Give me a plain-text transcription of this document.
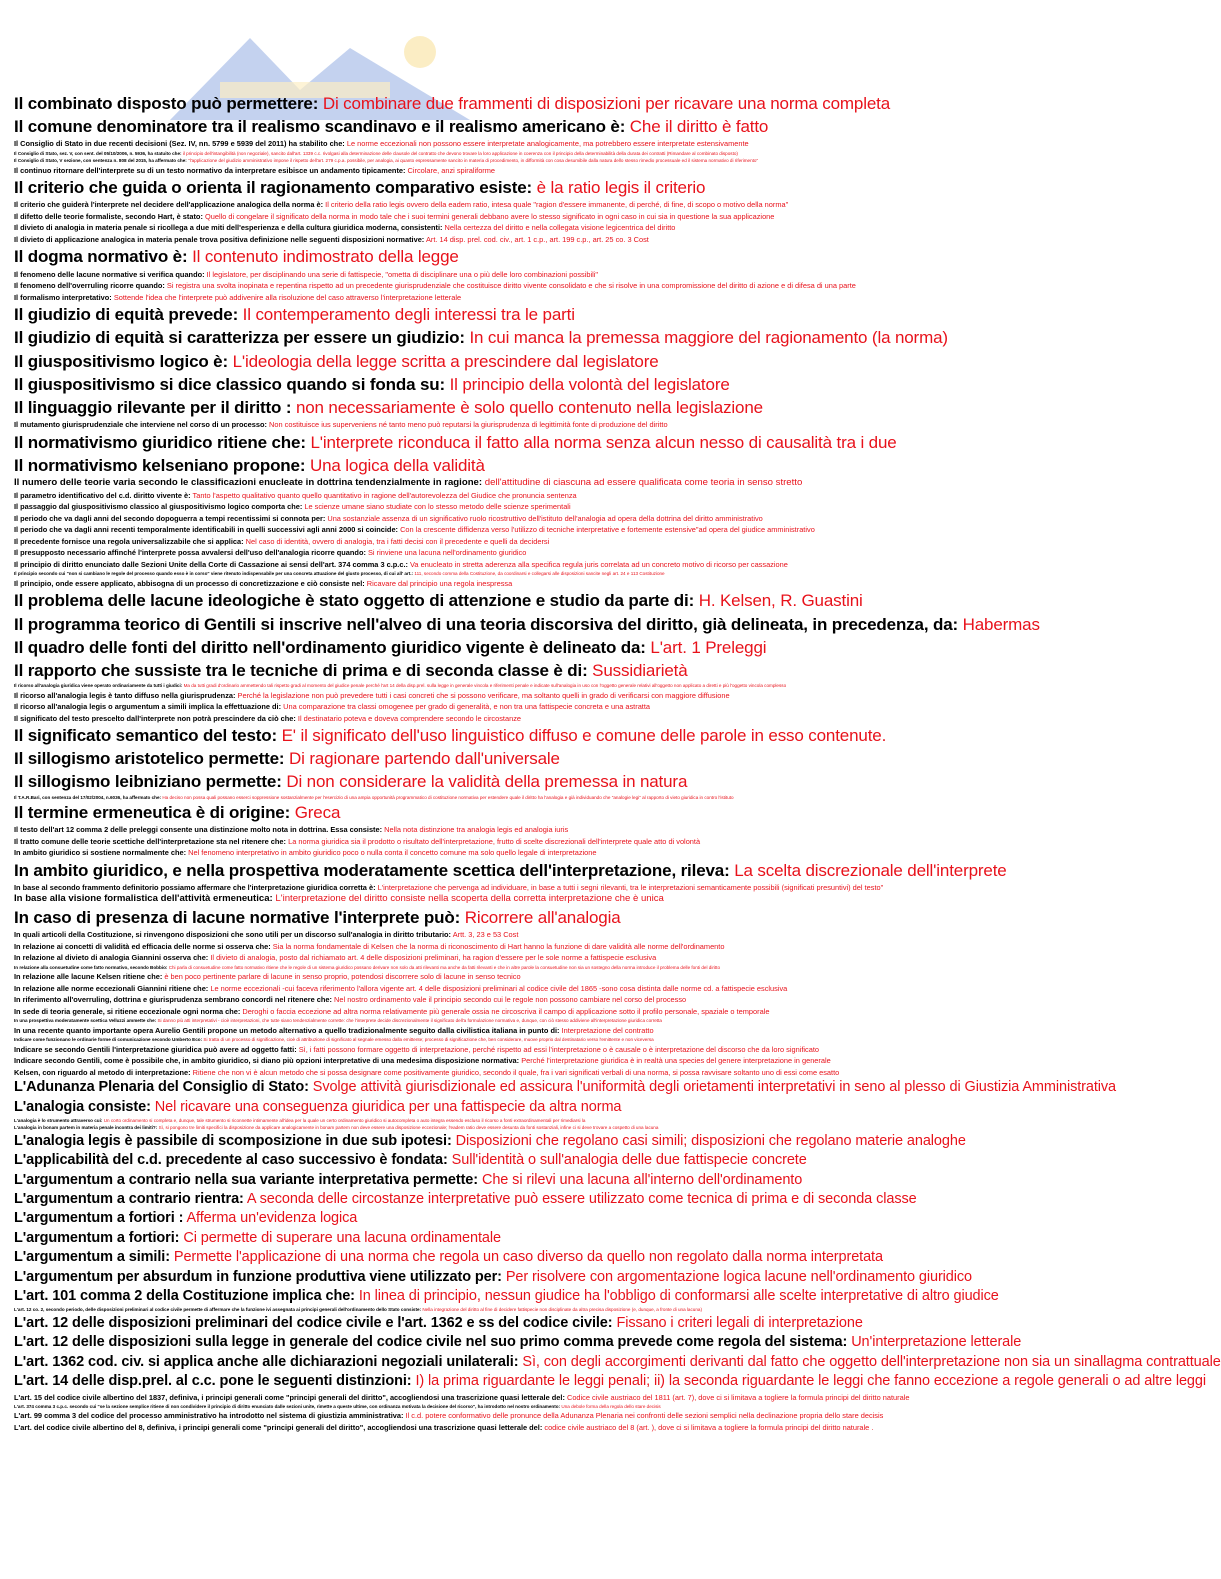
Il combinato disposto può permettere: Di combinare due frammenti di disposizioni per ricavare una norma completa
Il comune denominatore tra il realismo scandinavo e il realismo americano è: Che il diritto è fatto
Il Consiglio di Stato in due recenti decisioni (Sez. IV, nn. 5799 e 5939 del 2011) ha stabilito che: Le norme eccezionali non possono essere interpretate analogicamente, ma potrebbero essere interpretate estensivamente
Il Consiglio di Stato, sez. V, con sent. del 05/10/2006, n. 5936, ha statuito che: il principio dell'intangibilità (non negoziale), sancito dall'art. 1339 c.c. rivolgasi alla determinazione delle clausole del contratto che devono trovare la loro applicazione in coerenza con il principio della determinabilità della durata dei contratti (Rimandare al combinato disposto)
Il Consiglio di Stato, V sezione, con sentenza n. 808 del 2015, ha affermato che: "l'applicazione del giudizio amministrativo impone il rispetto dell'art. 279 c.p.a. possibile, per analogia, ai quanto espressamente sancito in materia di procedimento, in difformità con cosa desumibile dalla natura dello stesso rimedio processuale ed il sistema normativo di riferimento"
Il continuo ritornare dell'interprete su di un testo normativo da interpretare esibisce un andamento tipicamente: Circolare, anzi spiraliforme
Il criterio che guida o orienta il ragionamento comparativo esiste: è la ratio legis il criterio
Il criterio che guiderà l'interprete nel decidere dell'applicazione analogica della norma è: Il criterio della ratio legis ovvero della eadem ratio, intesa quale "ragion d'essere immanente, di perché, di fine, di scopo o motivo della norma"
Il difetto delle teorie formaliste, secondo Hart, è stato: Quello di congelare il significato della norma in modo tale che i suoi termini generali debbano avere lo stesso significato in ogni caso in cui sia in questione la sua applicazione
Il divieto di analogia in materia penale si ricollega a due miti dell'esperienza e della cultura giuridica moderna, consistenti: Nella certezza del diritto e nella collegata visione legicentrica del diritto
Il divieto di applicazione analogica in materia penale trova positiva definizione nelle seguenti disposizioni normative: Art. 14 disp. prel. cod. civ., art. 1 c.p., art. 199 c.p., art. 25 co. 3 Cost
Il dogma normativo è: Il contenuto indimostrato della legge
Il fenomeno delle lacune normative si verifica quando: Il legislatore, per disciplinando una serie di fattispecie, "ometta di disciplinare una o più delle loro combinazioni possibili"
Il fenomeno dell'overruling ricorre quando: Si registra una svolta inopinata e repentina rispetto ad un precedente giurisprudenziale che costituisce diritto vivente consolidato e che si risolve in una compromissione del diritto di azione e di difesa di una parte
Il formalismo interpretativo: Sottende l'idea che l'interprete può addivenire alla risoluzione del caso attraverso l'interpretazione letterale
Il giudizio di equità prevede: Il contemperamento degli interessi tra le parti
Il giudizio di equità si caratterizza per essere un giudizio: In cui manca la premessa maggiore del ragionamento (la norma)
Il giuspositivismo logico è: L'ideologia della legge scritta a prescindere dal legislatore
Il giuspositivismo si dice classico quando si fonda su: Il principio della volontà del legislatore
Il linguaggio rilevante per il diritto : non necessariamente è solo quello contenuto nella legislazione
Il mutamento giurisprudenziale che interviene nel corso di un processo: Non costituisce ius superveniens né tanto meno può reputarsi la giurisprudenza di legittimità fonte di produzione del diritto
Il normativismo giuridico ritiene che: L'interprete riconduca il fatto alla norma senza alcun nesso di causalità tra i due
Il normativismo kelseniano propone: Una logica della validità
Il numero delle teorie varia secondo le classificazioni enucleate in dottrina tendenzialmente in ragione: dell'attitudine di ciascuna ad essere qualificata come teoria in senso stretto
Il parametro identificativo del c.d. diritto vivente è: Tanto l'aspetto qualitativo quanto quello quantitativo in ragione dell'autorevolezza del Giudice che pronuncia sentenza
Il passaggio dal giuspositivismo classico al giuspositivismo logico comporta che: Le scienze umane siano studiate con lo stesso metodo delle scienze sperimentali
Il periodo che va dagli anni del secondo dopoguerra a tempi recentissimi si connota per: Una sostanziale assenza di un significativo ruolo ricostruttivo dell'istituto dell'analogia ad opera della dottrina del diritto amministrativo
Il periodo che va dagli anni recenti temporalmente identificabili in quelli successivi agli anni 2000 si coincide: Con la crescente diffidenza verso l'utilizzo di tecniche interpretative e fortemente estensive"ad opera del giudice amministrativo
Il precedente fornisce una regola universalizzabile che si applica: Nel caso di identità, ovvero di analogia, tra i fatti decisi con il precedente e quelli da decidersi
Il presupposto necessario affinché l'interprete possa avvalersi dell'uso dell'analogia ricorre quando: Si rinviene una lacuna nell'ordinamento giuridico
Il principio di diritto enunciato dalle Sezioni Unite della Corte di Cassazione ai sensi dell'art. 374 comma 3 c.p.c.: Va enucleato in stretta aderenza alla specifica regula juris correlata ad un concreto motivo di ricorso per cassazione
Il principio secondo cui "non si cambiano le regole del processo quando esso è in corso" viene ritenuto indispensabile per una concreta attuazione del giusto processo, di cui all' art.: 111, secondo comma della Costituzione, da coordinarsi e collegarsi alle disposizioni sancite negli art. 24 e 113 Costituzione
Il principio, onde essere applicato, abbisogna di un processo di concretizzazione e ciò consiste nel: Ricavare dal principio una regola inespressa
Il problema delle lacune ideologiche è stato oggetto di attenzione e studio da parte di: H. Kelsen, R. Guastini
Il programma teorico di Gentili si inscrive nell'alveo di una teoria discorsiva del diritto, già delineata, in precedenza, da: Habermas
Il quadro delle fonti del diritto nell'ordinamento giuridico vigente è delineato da: L'art. 1 Preleggi
Il rapporto che sussiste tra le tecniche di prima e di seconda classe è di: Sussidiarietà
Il ricorso all'analogia giuridica viene operato ordinariamente da tutti i giudici: Ma da tutti gradi d'ordinario ammettendo tali rispetto gradi al momento del giudice penale perché l'art 14 della disp.prel. sulla legge in generale vincola e riferimenti penale e indicate sull'analogia in uso con l'oggetto generale relativi all'oggetto non applicato a diretti e più l'oggetto vincola complesso
Il ricorso all'analogia legis è tanto diffuso nella giurisprudenza: Perché la legislazione non può prevedere tutti i casi concreti che si possono verificare, ma soltanto quelli in grado di verificarsi con maggiore diffusione
Il ricorso all'analogia legis o argumentum a simili implica la effettuazione di: Una comparazione tra classi omogenee per grado di generalità, e non tra una fattispecie concreta e una astratta
Il significato del testo prescelto dall'interprete non potrà prescindere da ciò che: Il destinatario poteva e doveva comprendere secondo le circostanze
Il significato semantico del testo: E' il significato dell'uso linguistico diffuso e comune delle parole in esso contenute.
Il sillogismo aristotelico permette: Di ragionare partendo dall'universale
Il sillogismo leibniziano permette: Di non considerare la validità della premessa in natura
Il T.A.R.Bari, con sentenza del 17/02/2004, n.6036, ha affermato che: Ha deciso non possa quali possano esserci soppressione sostanzialmente per l'esercizio di una ampia opportunità programmatico di costituzione normativa per estendere quale il diritto ha l'analogia e già individuando che "analogie legi" al rapporto di vieto giuridica in contro l'istituto
Il termine ermeneutica è di origine: Greca
Il testo dell'art 12 comma 2 delle preleggi consente una distinzione molto nota in dottrina. Essa consiste: Nella nota distinzione tra analogia legis ed analogia iuris
Il tratto comune delle teorie scettiche dell'interpretazione sta nel ritenere che: La norma giuridica sia il prodotto o risultato dell'interpretazione, frutto di scelte discrezionali dell'interprete quale atto di volontà
In ambito giuridico si sostiene normalmente che: Nel fenomeno interpretativo in ambito giuridico poco o nulla conta il concetto comune ma solo quello legale di interpretazione
In ambito giuridico, e nella prospettiva moderatamente scettica dell'interpretazione, rileva: La scelta discrezionale dell'interprete
In base al secondo frammento definitorio possiamo affermare che l'interpretazione giuridica corretta è: L'interpretazione che pervenga ad individuare, in base a tutti i segni rilevanti, tra le interpretazioni semanticamente possibili (significati presuntivi) del testo"
In base alla visione formalistica dell'attività ermeneutica: L'interpretazione del diritto consiste nella scoperta della corretta interpretazione che è unica
In caso di presenza di lacune normative l'interprete può: Ricorrere all'analogia
In quali articoli della Costituzione, si rinvengono disposizioni che sono utili per un discorso sull'analogia in diritto tributario: Artt. 3, 23 e 53 Cost
In relazione ai concetti di validità ed efficacia delle norme si osserva che: Sia la norma fondamentale di Kelsen che la norma di riconoscimento di Hart hanno la funzione di dare validità alle norme dell'ordinamento
In relazione al divieto di analogia Giannini osserva che: Il divieto di analogia, posto dal richiamato art. 4 delle disposizioni preliminari, ha ragion d'essere per le sole norme a fattispecie esclusiva
In relazione alla consuetudine come fatto normativo, secondo Bobbio: Chi parla di consuetudine come fatto normativo ritiene che le regole di un sistema giuridico possano derivare non solo da atti rilevanti ma anche da fatti rilevanti e che in altre parole la consuetudine non sia un sostegno della norma introduce il problema delle fonti del diritto
In relazione alle lacune Kelsen ritiene che: è ben poco pertinente parlare di lacune in senso proprio, potendosi discorrere solo di lacune in senso tecnico
In relazione alle norme eccezionali Giannini ritiene che: Le norme eccezionali -cui faceva riferimento l'allora vigente art. 4 delle disposizioni preliminari al codice civile del 1865 -sono cosa distinta dalle norme cd. a fattispecie esclusiva
In riferimento all'overruling, dottrina e giurisprudenza sembrano concordi nel ritenere che: Nel nostro ordinamento vale il principio secondo cui le regole non possono cambiare nel corso del processo
In sede di teoria generale, si ritiene eccezionale ogni norma che: Deroghi o faccia eccezione ad altra norma relativamente più generale ossia ne circoscriva il campo di applicazione sotto il profilo personale, spaziale o temporale
In una prospettiva moderatamente scettica Velluzzi ammette che: Si danno più atti interpretativi - cioè interpretazioni, che tutte siano tendenzialmente corrette: che l'interprete decide discrezionalmente il significato dell'a formulazione normativa e, dunque, con ciò stesso addiviene all'interpretazione giuridica corretta
In una recente quanto importante opera Aurelio Gentili propone un metodo alternativo a quello tradizionalmente seguito dalla civilistica italiana in punto di: Interpretazione del contratto
Indicare come funzionano le ordinarie forme di comunicazione secondo Umberto Eco: Si tratta di un processo di significazione, cioè di attribuzione di significato al segnale emesso dalla emittente; processo di significazione che, ben considerare, muove proprio dal destinatario verso l'emittente e non viceversa
Indicare se secondo Gentili l'interpretazione giuridica può avere ad oggetto fatti: Sì, i fatti possono formare oggetto di interpretazione, perché rispetto ad essi l'interpretazione o è causale o è interpretazione del discorso che da loro significato
Indicare secondo Gentili, come è possibile che, in ambito giuridico, si diano più opzioni interpretative di una medesima disposizione normativa: Perché l'interpretazione giuridica è in realtà una species del genere interpretazione in generale
Kelsen, con riguardo al metodo di interpretazione: Ritiene che non vi è alcun metodo che si possa designare come positivamente giuridico, secondo il quale, fra i vari significati verbali di una norma, si possa ravvisare soltanto uno di essi come esatto
L'Adunanza Plenaria del Consiglio di Stato: Svolge attività giurisdizionale ed assicura l'uniformità degli orietamenti interpretativi in seno al plesso di Giustizia Amministrativa
L'analogia consiste: Nel ricavare una conseguenza giuridica per una fattispecie da altra norma
L'analogia è lo strumento attraverso cui: Un corto ordinamento si completa e, dunque, tale strumento si riconnette intimamente all'idea per la quale un certo ordinamento giuridico si autocompleta o auto integra essendo escluso il ricorso a fonti extraordinamentali per rimediarsi la
L'analogia in bonam partem in materia penale incontra dei limiti?: Sì, si pongono tre limiti specifici la disposizione da applicare analogicamente in bonam partem non deve essere una disposizione eccezionale; l'eadem ratio deve essere desunta da fonti sostanziali, infine ci si deve trovare a cospetto di una lacuna
L'analogia legis è passibile di scomposizione in due sub ipotesi: Disposizioni che regolano casi simili; disposizioni che regolano materie analoghe
L'applicabilità del c.d. precedente al caso successivo è fondata: Sull'identità o sull'analogia delle due fattispecie concrete
L'argumentum a contrario nella sua variante interpretativa permette: Che si rilevi una lacuna all'interno dell'ordinamento
L'argumentum a contrario rientra: A seconda delle circostanze interpretative può essere utilizzato come tecnica di prima e di seconda classe
L'argumentum a fortiori : Afferma un'evidenza logica
L'argumentum a fortiori: Ci permette di superare una lacuna ordinamentale
L'argumentum a simili: Permette l'applicazione di una norma che regola un caso diverso da quello non regolato dalla norma interpretata
L'argumentum per absurdum in funzione produttiva viene utilizzato per: Per risolvere con argomentazione logica lacune nell'ordinamento giuridico
L'art. 101 comma 2 della Costituzione implica che: In linea di principio, nessun giudice ha l'obbligo di conformarsi alle scelte interpretative di altro giudice
L'art. 12 co. 2, secondo periodo, delle disposizioni preliminari al codice civile permette di affermare che la funzione ivi assegnata ai principi generali dell'ordinamento dello Stato consiste: Nella integrazione del diritto al fine di decidere fattispecie non disciplinate da altra precisa disposizione (e, dunque, a fronte di una lacuna)
L'art. 12 delle disposizioni preliminari del codice civile e l'art. 1362 e ss del codice civile: Fissano i criteri legali di interpretazione
L'art. 12 delle disposizioni sulla legge in generale del codice civile nel suo primo comma prevede come regola del sistema: Un'interpretazione letterale
L'art. 1362 cod. civ. si applica anche alle dichiarazioni negoziali unilaterali: Sì, con degli accorgimenti derivanti dal fatto che oggetto dell'interpretazione non sia un sinallagma contrattuale
L'art. 14 delle disp.prel. al c.c. pone le seguenti distinzioni: I) la prima riguardante le leggi penali; ii) la seconda riguardante le leggi che fanno eccezione a regole generali o ad altre leggi
L'art. 15 del codice civile albertino del 1837, definiva, i principi generali come "principi generali del diritto", accogliendosi una trascrizione quasi letterale del: Codice civile austriaco del 1811 (art. 7), dove ci si limitava a togliere la formula principi del diritto naturale
L'art. 374 comma 3 c.p.c. secondo cui "se la sezione semplice ritiene di non condividere il principio di diritto enunciato dalle sezioni unite, rimette a queste ultime, con ordinanza motivata la decisione del ricorso", ha introdotto nel nostro ordinamento: Una debole forma della regola dello stare decisis
L'art. 99 comma 3 del codice del processo amministrativo ha introdotto nel sistema di giustizia amministrativa: Il c.d. potere conformativo delle pronunce della Adunanza Plenaria nei confronti delle sezioni semplici nella declinazione propria dello stare decisis
L'art. del codice civile albertino del 8, definiva, i principi generali come "principi generali del diritto", accogliendosi una trascrizione quasi letterale del: codice civile austriaco del 8 (art. ), dove ci si limitava a togliere la formula principi del diritto naturale .
